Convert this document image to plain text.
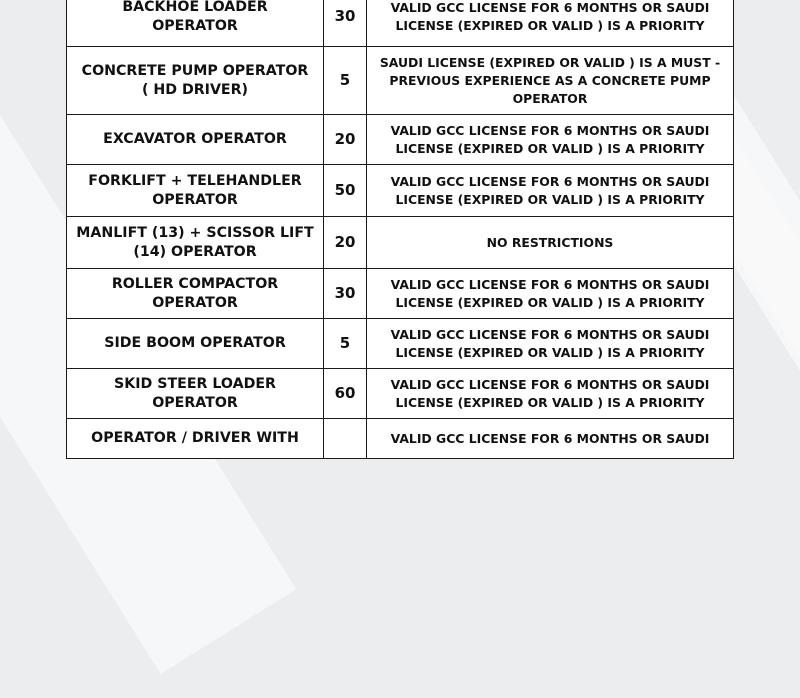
BACKHOE LOADER
OPERATOR	30	VALID GCC LICENSE FOR 6 MONTHS OR SAUDI
LICENSE (EXPIRED OR VALID ) IS A PRIORITY

CONCRETE PUMP OPERATOR
( HD DRIVER)	5	SAUDI LICENSE (EXPIRED OR VALID ) IS A MUST -
PREVIOUS EXPERIENCE AS A CONCRETE PUMP
OPERATOR

EXCAVATOR OPERATOR	20	VALID GCC LICENSE FOR 6 MONTHS OR SAUDI
LICENSE (EXPIRED OR VALID ) IS A PRIORITY

FORKLIFT + TELEHANDLER
OPERATOR	50	VALID GCC LICENSE FOR 6 MONTHS OR SAUDI
LICENSE (EXPIRED OR VALID ) IS A PRIORITY

MANLIFT (13) + SCISSOR LIFT
(14) OPERATOR	20	NO RESTRICTIONS

ROLLER COMPACTOR
OPERATOR	30	VALID GCC LICENSE FOR 6 MONTHS OR SAUDI
LICENSE (EXPIRED OR VALID ) IS A PRIORITY

SIDE BOOM OPERATOR	5	VALID GCC LICENSE FOR 6 MONTHS OR SAUDI
LICENSE (EXPIRED OR VALID ) IS A PRIORITY

SKID STEER LOADER
OPERATOR	60	VALID GCC LICENSE FOR 6 MONTHS OR SAUDI
LICENSE (EXPIRED OR VALID ) IS A PRIORITY

OPERATOR / DRIVER WITH		VALID GCC LICENSE FOR 6 MONTHS OR SAUDI
